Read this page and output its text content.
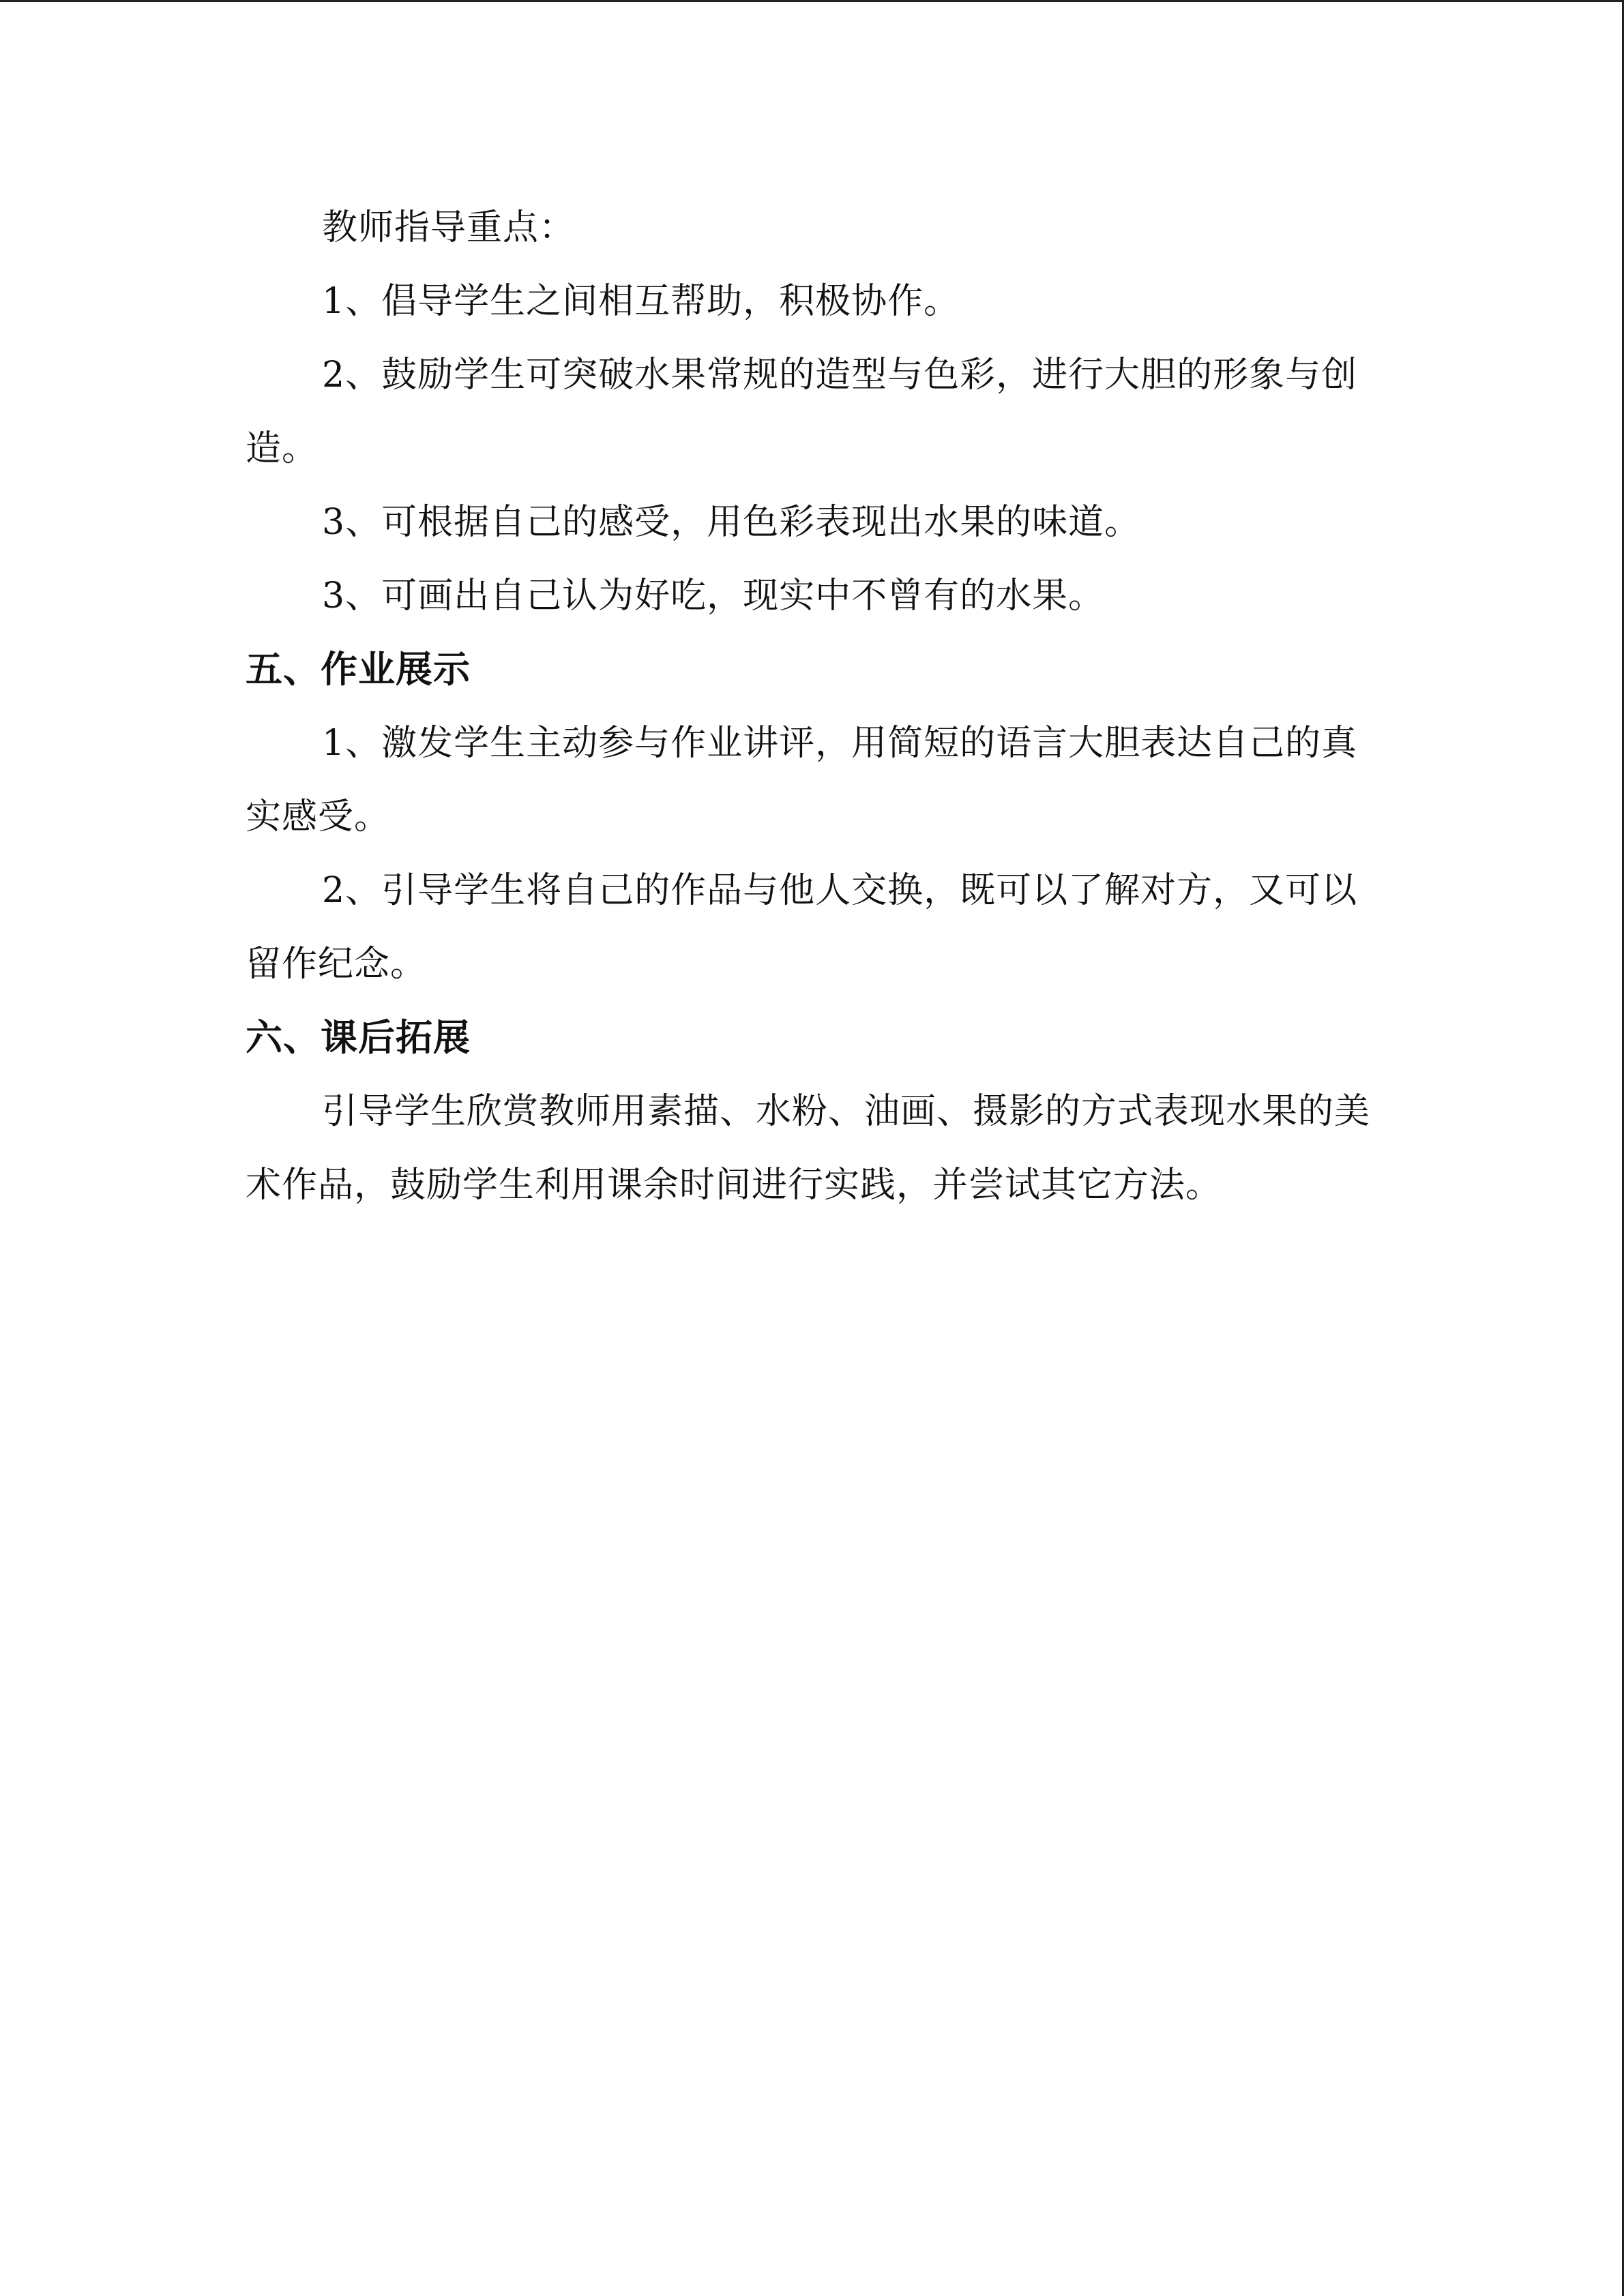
教师指导重点：

1、倡导学生之间相互帮助，积极协作。

2、鼓励学生可突破水果常规的造型与色彩，进行大胆的形象与创造。

3、可根据自己的感受，用色彩表现出水果的味道。

3、可画出自己认为好吃，现实中不曾有的水果。

五、作业展示

1、激发学生主动参与作业讲评，用简短的语言大胆表达自己的真实感受。

2、引导学生将自己的作品与他人交换，既可以了解对方，又可以留作纪念。

六、课后拓展

引导学生欣赏教师用素描、水粉、油画、摄影的方式表现水果的美术作品，鼓励学生利用课余时间进行实践，并尝试其它方法。
